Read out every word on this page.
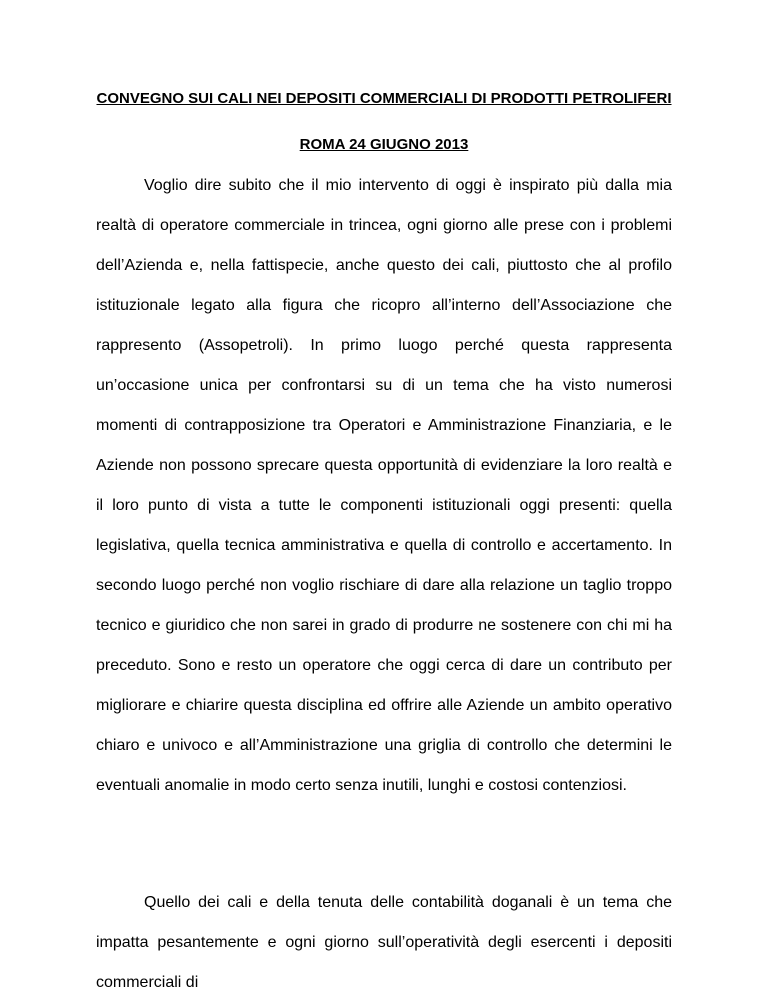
CONVEGNO SUI CALI NEI DEPOSITI COMMERCIALI DI PRODOTTI PETROLIFERI
ROMA 24 GIUGNO 2013

Voglio dire subito che il mio intervento di oggi è inspirato più dalla mia realtà di operatore commerciale in trincea, ogni giorno alle prese con i problemi dell’Azienda e, nella fattispecie, anche questo dei cali, piuttosto che al profilo istituzionale legato alla figura che ricopro all’interno dell’Associazione che rappresento (Assopetroli). In primo luogo perché questa rappresenta un’occasione unica per confrontarsi su di un tema che ha visto numerosi momenti di contrapposizione tra Operatori e Amministrazione Finanziaria, e le Aziende non possono sprecare questa opportunità di evidenziare la loro realtà e il loro punto di vista a tutte le componenti istituzionali oggi presenti: quella legislativa, quella tecnica amministrativa e quella di controllo e accertamento. In secondo luogo perché non voglio rischiare di dare alla relazione un taglio troppo tecnico e giuridico che non sarei in grado di produrre ne sostenere con chi mi ha preceduto. Sono e resto un operatore che oggi cerca di dare un contributo per migliorare e chiarire questa disciplina ed offrire alle Aziende un ambito operativo chiaro e univoco e all’Amministrazione una griglia di controllo che determini le eventuali anomalie in modo certo senza inutili, lunghi e costosi contenziosi.

Quello dei cali e della tenuta delle contabilità doganali è un tema che impatta pesantemente e ogni giorno sull’operatività degli esercenti i depositi commerciali di
